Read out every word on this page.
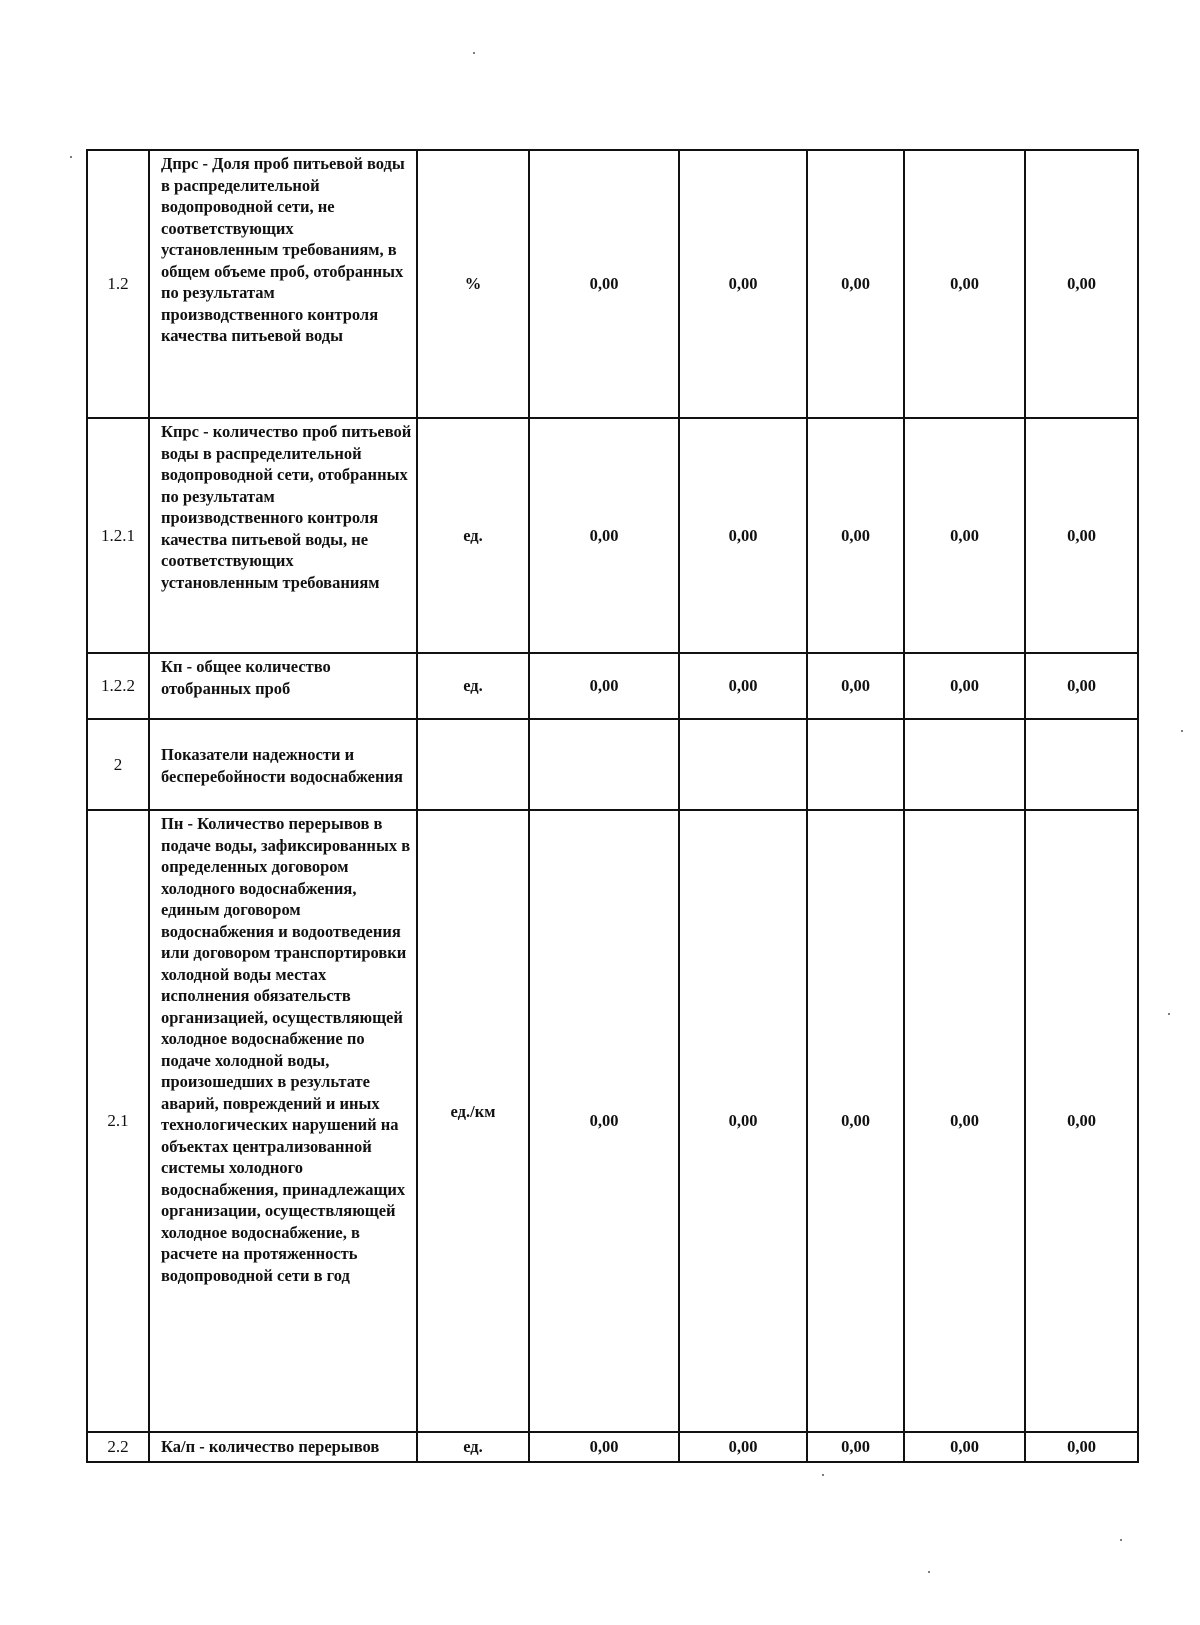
1.2	Дпрс - Доля проб питьевой воды в распределительной водопроводной сети, не соответствующих установленным требованиям, в общем объеме проб, отобранных по результатам производственного контроля качества питьевой воды	%	0,00	0,00	0,00	0,00	0,00
1.2.1	Кпрс - количество проб питьевой воды в распределительной водопроводной сети, отобранных по результатам производственного контроля качества питьевой воды, не соответствующих установленным требованиям	ед.	0,00	0,00	0,00	0,00	0,00
1.2.2	Кп - общее количество отобранных проб	ед.	0,00	0,00	0,00	0,00	0,00
2	Показатели надежности и бесперебойности водоснабжения						
2.1	Пн - Количество перерывов в подаче воды, зафиксированных в определенных договором холодного водоснабжения, единым договором водоснабжения и водоотведения или договором транспортировки холодной воды местах исполнения обязательств организацией, осуществляющей холодное водоснабжение по подаче холодной воды, произошедших в результате аварий, повреждений и иных технологических нарушений на объектах централизованной системы холодного водоснабжения, принадлежащих организации, осуществляющей холодное водоснабжение, в расчете на протяженность водопроводной сети в год	ед./км	0,00	0,00	0,00	0,00	0,00
2.2	Ка/п - количество перерывов	ед.	0,00	0,00	0,00	0,00	0,00
